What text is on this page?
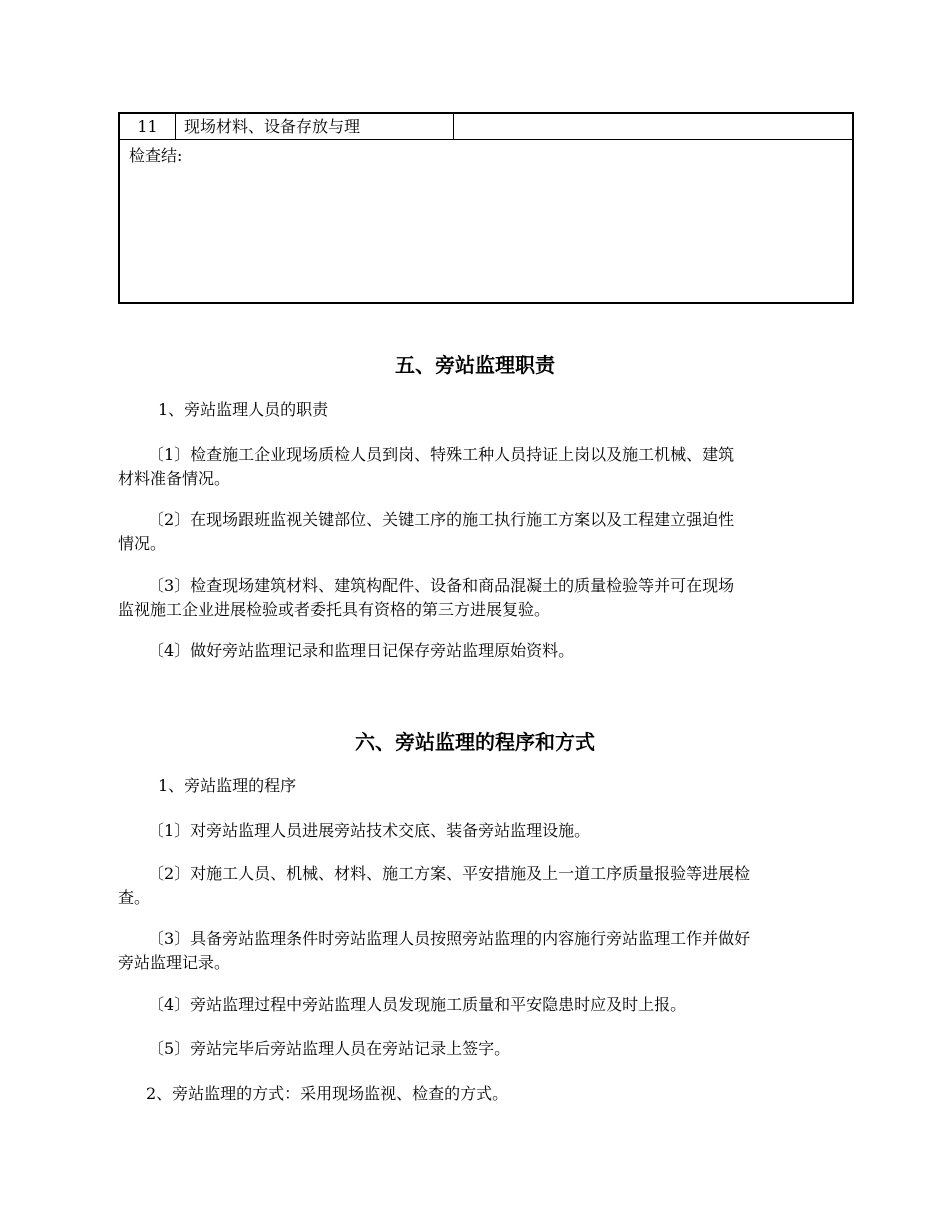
11	现场材料、设备存放与理
检查结:
五、旁站监理职责
1、旁站监理人员的职责
〔1〕检查施工企业现场质检人员到岗、特殊工种人员持证上岗以及施工机械、建筑
材料准备情况。
〔2〕在现场跟班监视关键部位、关键工序的施工执行施工方案以及工程建立强迫性
情况。
〔3〕检查现场建筑材料、建筑构配件、设备和商品混凝土的质量检验等并可在现场
监视施工企业进展检验或者委托具有资格的第三方进展复验。
〔4〕做好旁站监理记录和监理日记保存旁站监理原始资料。
六、旁站监理的程序和方式
1、旁站监理的程序
〔1〕对旁站监理人员进展旁站技术交底、装备旁站监理设施。
〔2〕对施工人员、机械、材料、施工方案、平安措施及上一道工序质量报验等进展检
查。
〔3〕具备旁站监理条件时旁站监理人员按照旁站监理的内容施行旁站监理工作并做好
旁站监理记录。
〔4〕旁站监理过程中旁站监理人员发现施工质量和平安隐患时应及时上报。
〔5〕旁站完毕后旁站监理人员在旁站记录上签字。
2、旁站监理的方式：采用现场监视、检查的方式。
